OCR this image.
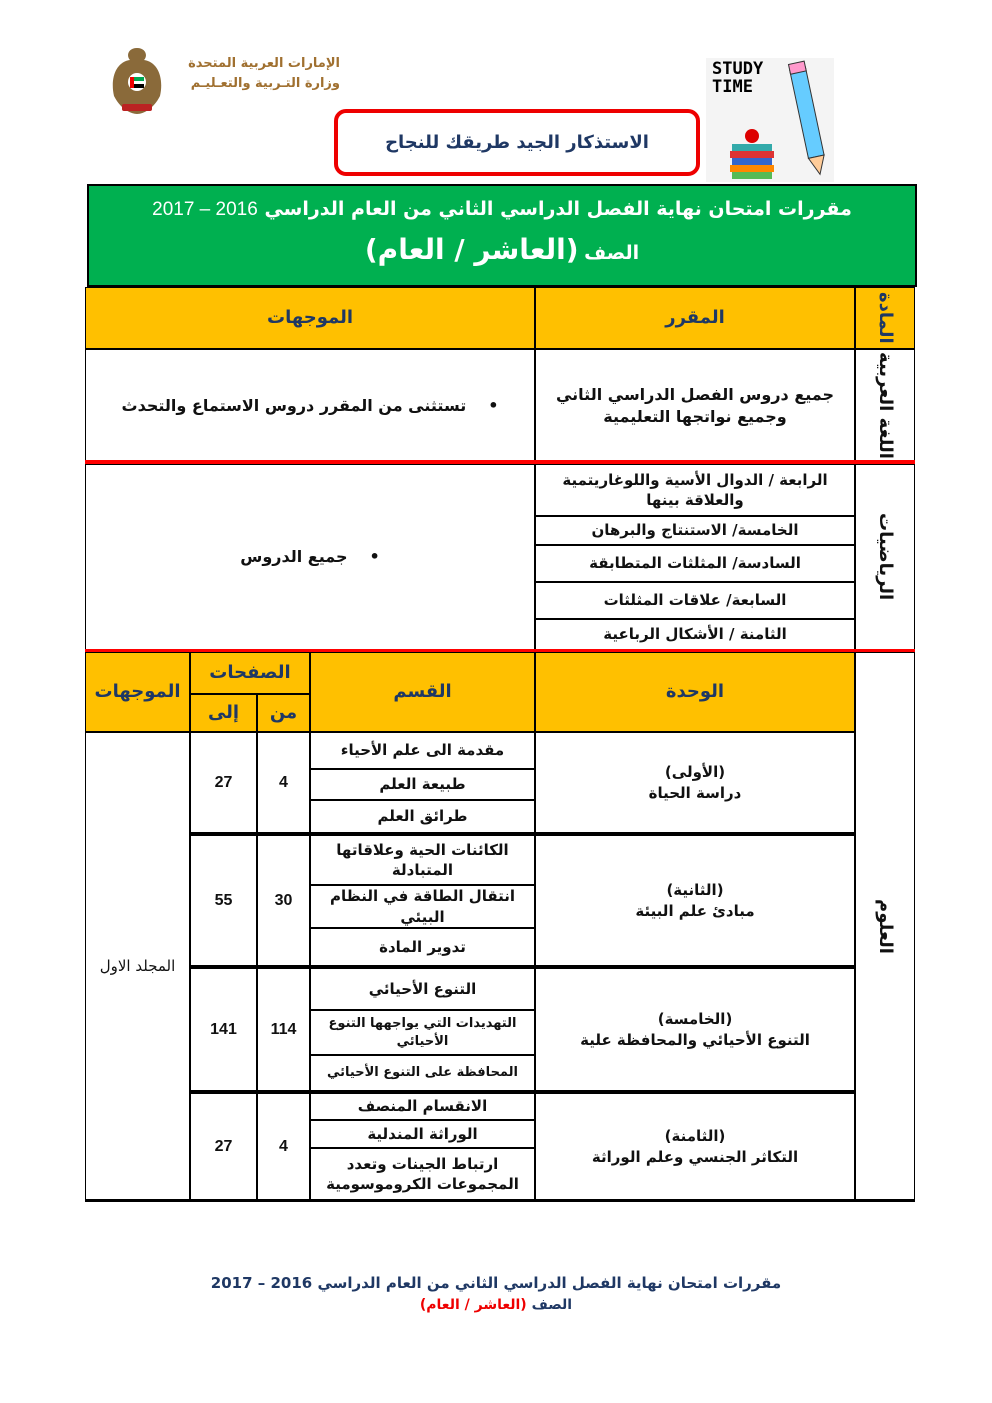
الإمارات العربية المتحدة
وزارة التـربية والتعـليـم
الاستذكار الجيد طريقك للنجاح
STUDY
TIME
مقررات امتحان نهاية الفصل الدراسي الثاني من العام الدراسي 2016 – 2017
الصف (العاشر / العام)
المادة
المقرر
الموجهات
اللغة العربية
جميع دروس الفصل الدراسي الثاني وجميع نواتجها التعليمية
•
تستثنى من المقرر دروس الاستماع والتحدث
الرياضيات
الرابعة / الدوال الأسية واللوغاريتمية والعلاقة بينها
الخامسة/ الاستنتاج والبرهان
السادسة/ المثلثات المتطابقة
السابعة/ علاقات المثلثات
الثامنة / الأشكال الرباعية
•
جميع الدروس
العلوم
الوحدة
القسم
الصفحات
من
إلى
الموجهات
المجلد الاول
(الأولى)
دراسة الحياة
مقدمة الى علم الأحياء
طبيعة العلم
طرائق العلم
4
27
(الثانية)
مبادئ علم البيئة
الكائنات الحية وعلاقاتها المتبادلة
انتقال الطاقة في النظام البيئي
تدوير المادة
30
55
(الخامسة)
التنوع الأحيائي والمحافظة علية
التنوع الأحيائي
التهديدات التي يواجهها التنوع الأحيائي
المحافظة على التنوع الأحيائي
114
141
(الثامنة)
التكاثر الجنسي وعلم الوراثة
الانقسام المنصف
الوراثة المندلية
ارتباط الجينات وتعدد المجموعات الكروموسومية
4
27
مقررات امتحان نهاية الفصل الدراسي الثاني من العام الدراسي 2016 – 2017
الصف (العاشر / العام)
